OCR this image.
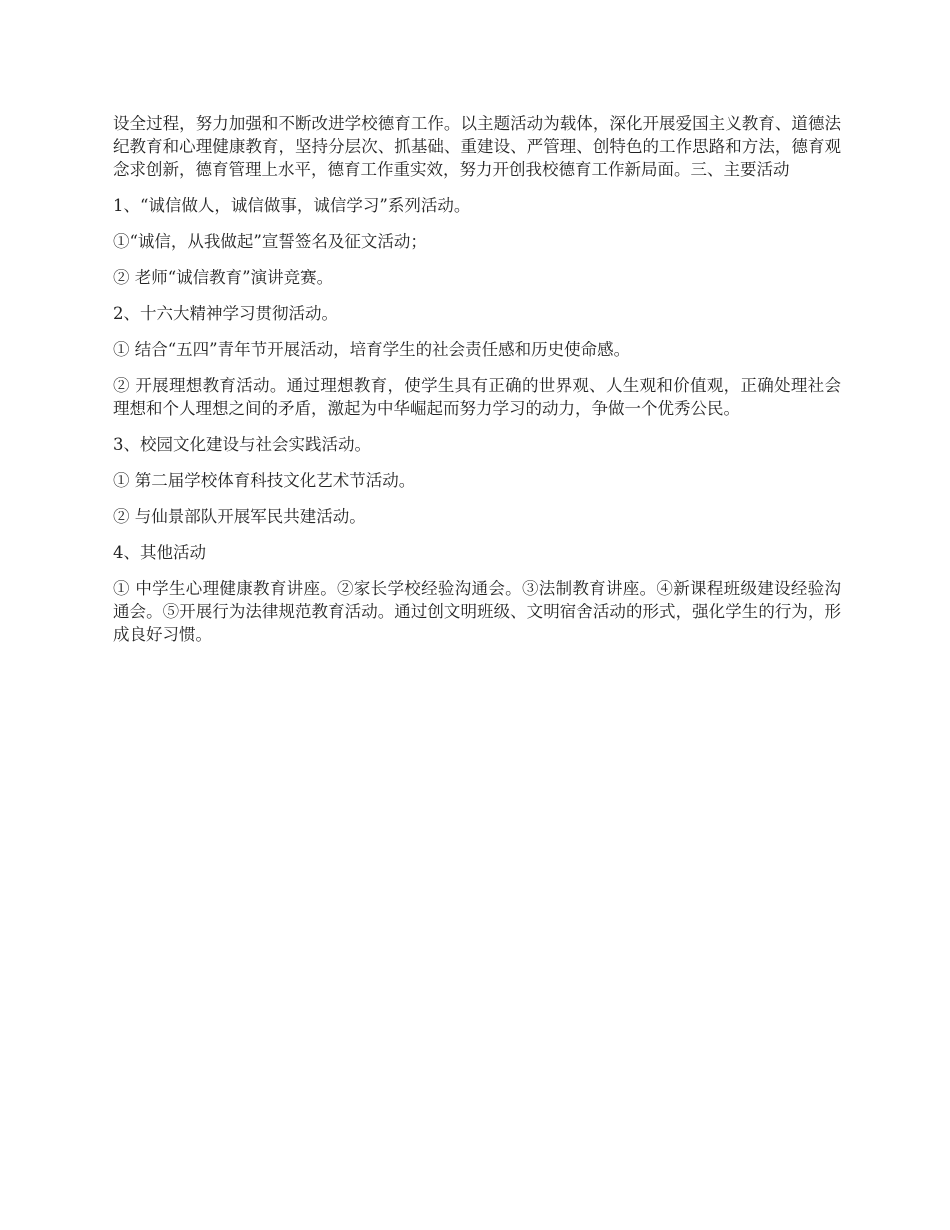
设全过程，努力加强和不断改进学校德育工作。以主题活动为载体，深化开展爱国主义教育、道德法纪教育和心理健康教育，坚持分层次、抓基础、重建设、严管理、创特色的工作思路和方法，德育观念求创新，德育管理上水平，德育工作重实效，努力开创我校德育工作新局面。三、主要活动

1、“诚信做人，诚信做事，诚信学习”系列活动。

①“诚信，从我做起”宣誓签名及征文活动；

② 老师“诚信教育”演讲竞赛。

2、十六大精神学习贯彻活动。

① 结合“五四”青年节开展活动，培育学生的社会责任感和历史使命感。

② 开展理想教育活动。通过理想教育，使学生具有正确的世界观、人生观和价值观，正确处理社会理想和个人理想之间的矛盾，激起为中华崛起而努力学习的动力，争做一个优秀公民。

3、校园文化建设与社会实践活动。

① 第二届学校体育科技文化艺术节活动。

② 与仙景部队开展军民共建活动。

4、其他活动

① 中学生心理健康教育讲座。②家长学校经验沟通会。③法制教育讲座。④新课程班级建设经验沟通会。⑤开展行为法律规范教育活动。通过创文明班级、文明宿舍活动的形式，强化学生的行为，形成良好习惯。
